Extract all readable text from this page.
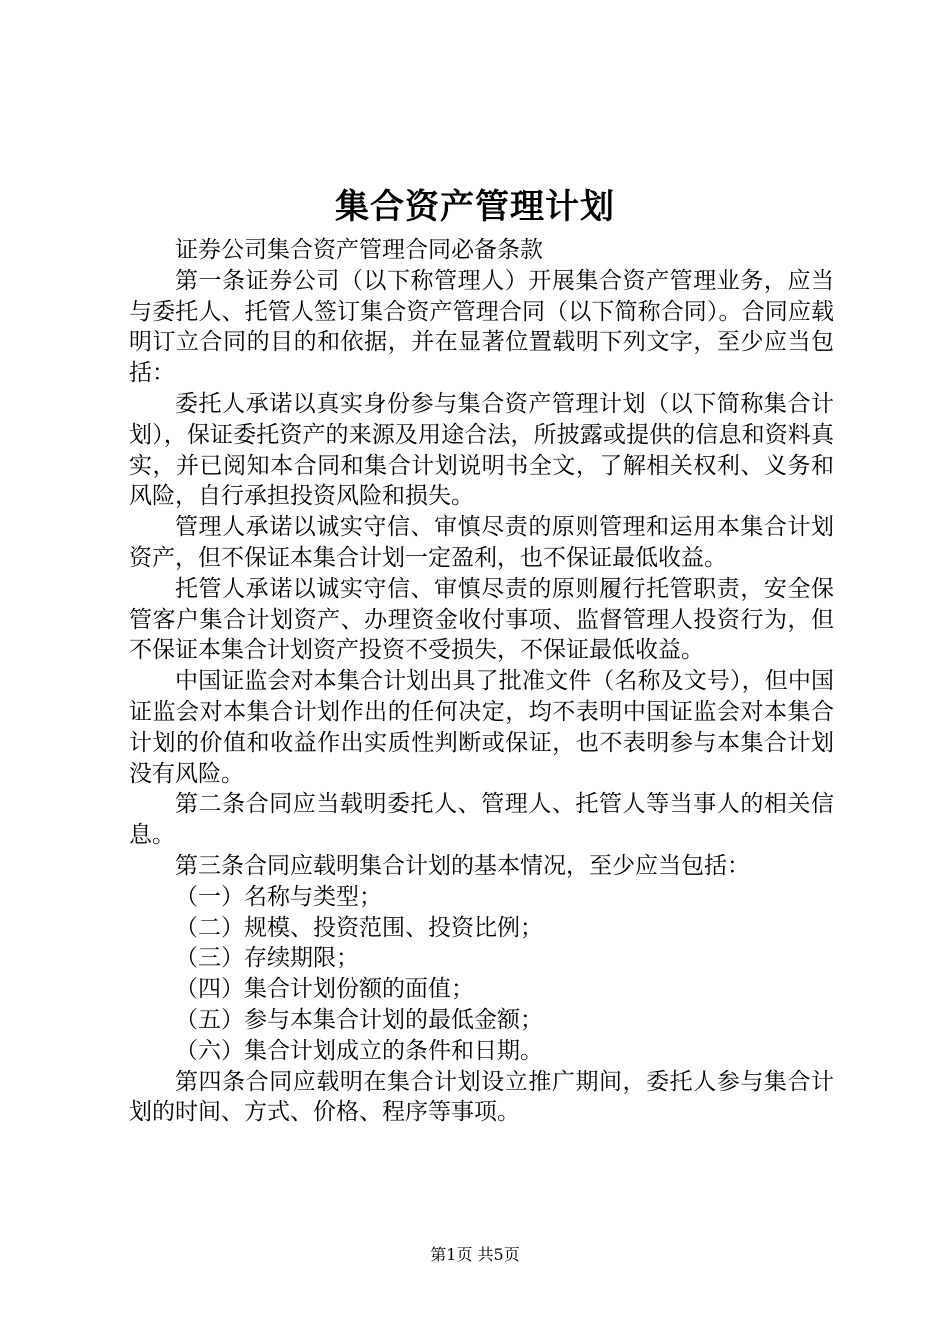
集合资产管理计划

证券公司集合资产管理合同必备条款

第一条证券公司（以下称管理人）开展集合资产管理业务，应当与委托人、托管人签订集合资产管理合同（以下简称合同）。合同应载明订立合同的目的和依据，并在显著位置载明下列文字，至少应当包括：

委托人承诺以真实身份参与集合资产管理计划（以下简称集合计划），保证委托资产的来源及用途合法，所披露或提供的信息和资料真实，并已阅知本合同和集合计划说明书全文，了解相关权利、义务和风险，自行承担投资风险和损失。

管理人承诺以诚实守信、审慎尽责的原则管理和运用本集合计划资产，但不保证本集合计划一定盈利，也不保证最低收益。

托管人承诺以诚实守信、审慎尽责的原则履行托管职责，安全保管客户集合计划资产、办理资金收付事项、监督管理人投资行为，但不保证本集合计划资产投资不受损失，不保证最低收益。

中国证监会对本集合计划出具了批准文件（名称及文号），但中国证监会对本集合计划作出的任何决定，均不表明中国证监会对本集合计划的价值和收益作出实质性判断或保证，也不表明参与本集合计划没有风险。

第二条合同应当载明委托人、管理人、托管人等当事人的相关信息。

第三条合同应载明集合计划的基本情况，至少应当包括：

（一）名称与类型；

（二）规模、投资范围、投资比例；

（三）存续期限；

（四）集合计划份额的面值；

（五）参与本集合计划的最低金额；

（六）集合计划成立的条件和日期。

第四条合同应载明在集合计划设立推广期间，委托人参与集合计划的时间、方式、价格、程序等事项。

第1页 共5页
